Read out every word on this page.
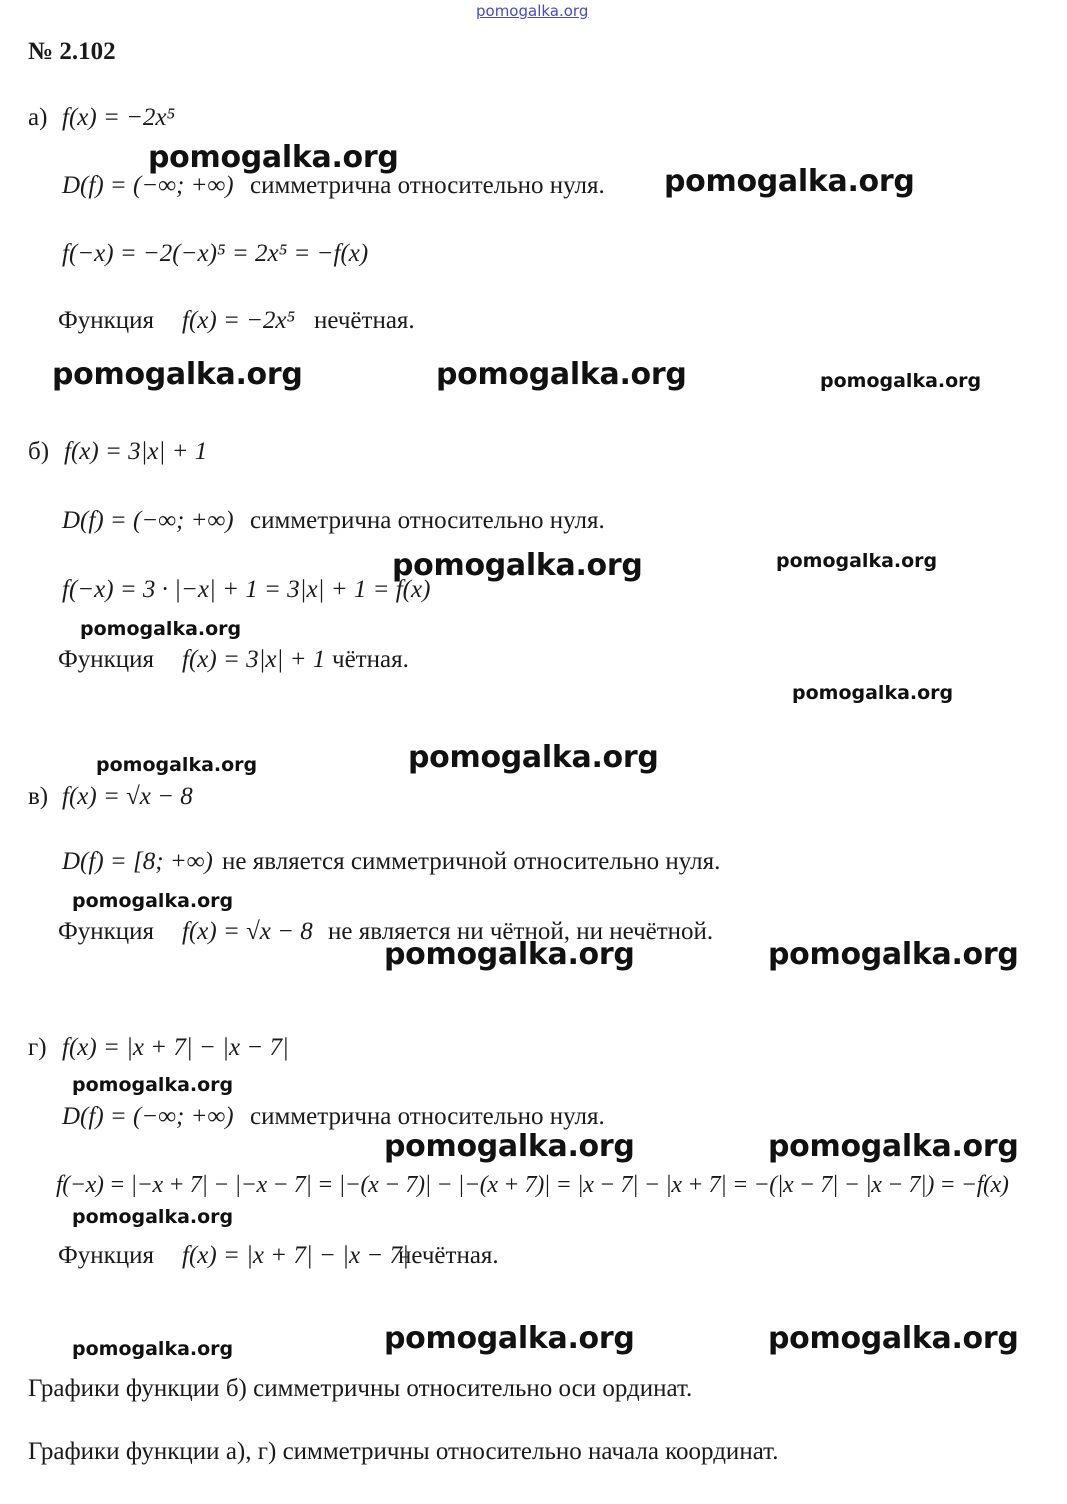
pomogalka.org
№ 2.102
а) f(x) = −2x⁵
D(f) = (−∞; +∞) симметрична относительно нуля.
f(−x) = −2(−x)⁵ = 2x⁵ = −f(x)
Функция f(x) = −2x⁵ нечётная.
б) f(x) = 3|x| + 1
D(f) = (−∞; +∞) симметрична относительно нуля.
f(−x) = 3 · |−x| + 1 = 3|x| + 1 = f(x)
Функция f(x) = 3|x| + 1 чётная.
в) f(x) = √x − 8
D(f) = [8; +∞) не является симметричной относительно нуля.
Функция f(x) = √x − 8 не является ни чётной, ни нечётной.
г) f(x) = |x + 7| − |x − 7|
D(f) = (−∞; +∞) симметрична относительно нуля.
f(−x) = |−x + 7| − |−x − 7| = |−(x − 7)| − |−(x + 7)| = |x − 7| − |x + 7| = −(|x − 7| − |x − 7|) = −f(x)
Функция f(x) = |x + 7| − |x − 7|
нечётная.
Графики функции б) симметричны относительно оси ординат.
Графики функции а), г) симметричны относительно начала координат.
pomogalka.org
pomogalka.org
pomogalka.org	pomogalka.org	pomogalka.org
pomogalka.org	pomogalka.org
pomogalka.org
pomogalka.org
pomogalka.org	pomogalka.org
pomogalka.org
pomogalka.org	pomogalka.org
pomogalka.org
pomogalka.org	pomogalka.org
pomogalka.org
pomogalka.org	pomogalka.org
pomogalka.org
